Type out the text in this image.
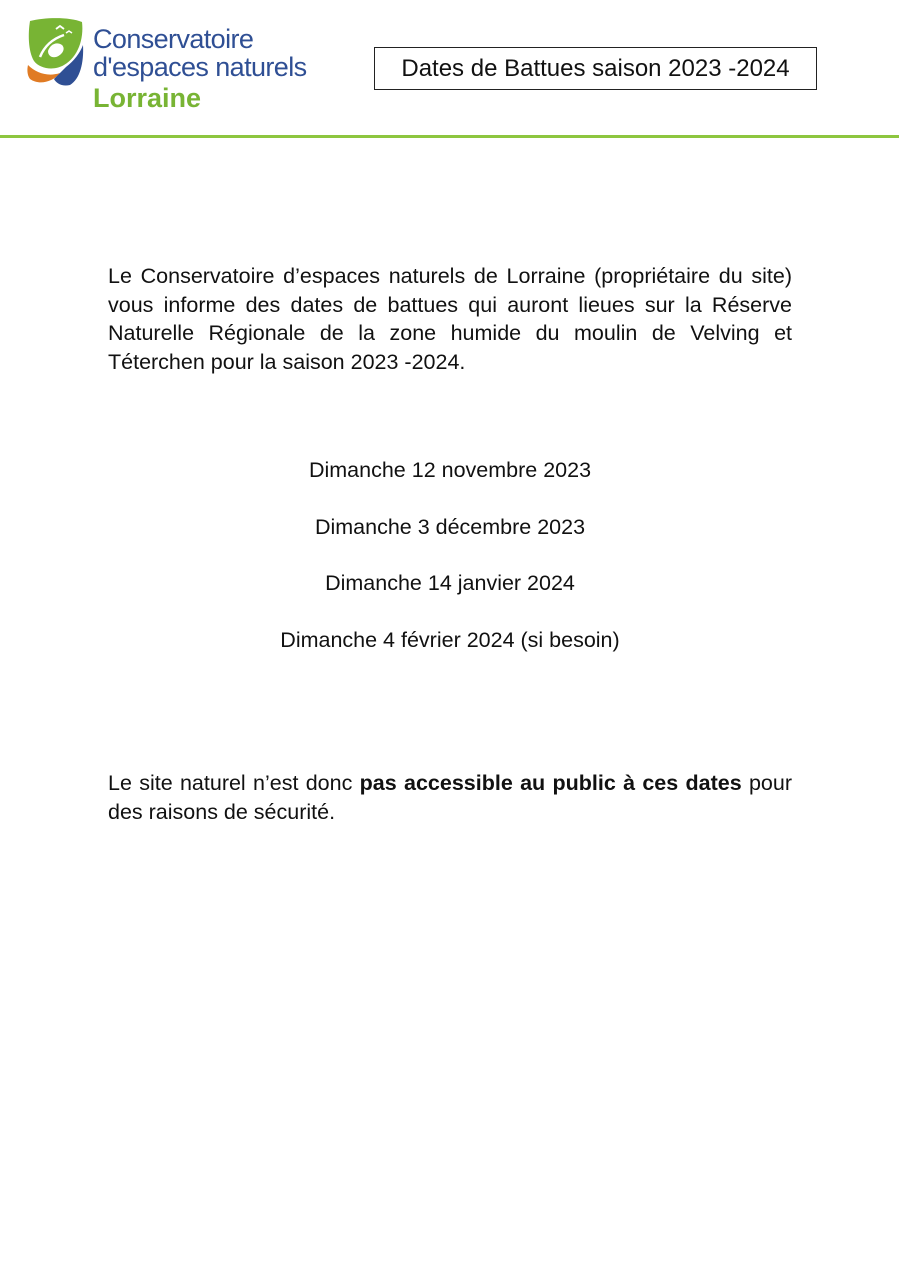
Conservatoire
d'espaces naturels
Lorraine
Dates de Battues saison 2023 -2024

Le Conservatoire d’espaces naturels de Lorraine (propriétaire du site) vous informe des dates de battues qui auront lieues sur la Réserve Naturelle Régionale de la zone humide du moulin de Velving et Téterchen pour la saison 2023 -2024.

Dimanche 12 novembre 2023
Dimanche 3 décembre 2023
Dimanche 14 janvier 2024
Dimanche 4 février 2024 (si besoin)

Le site naturel n’est donc pas accessible au public à ces dates pour des raisons de sécurité.
